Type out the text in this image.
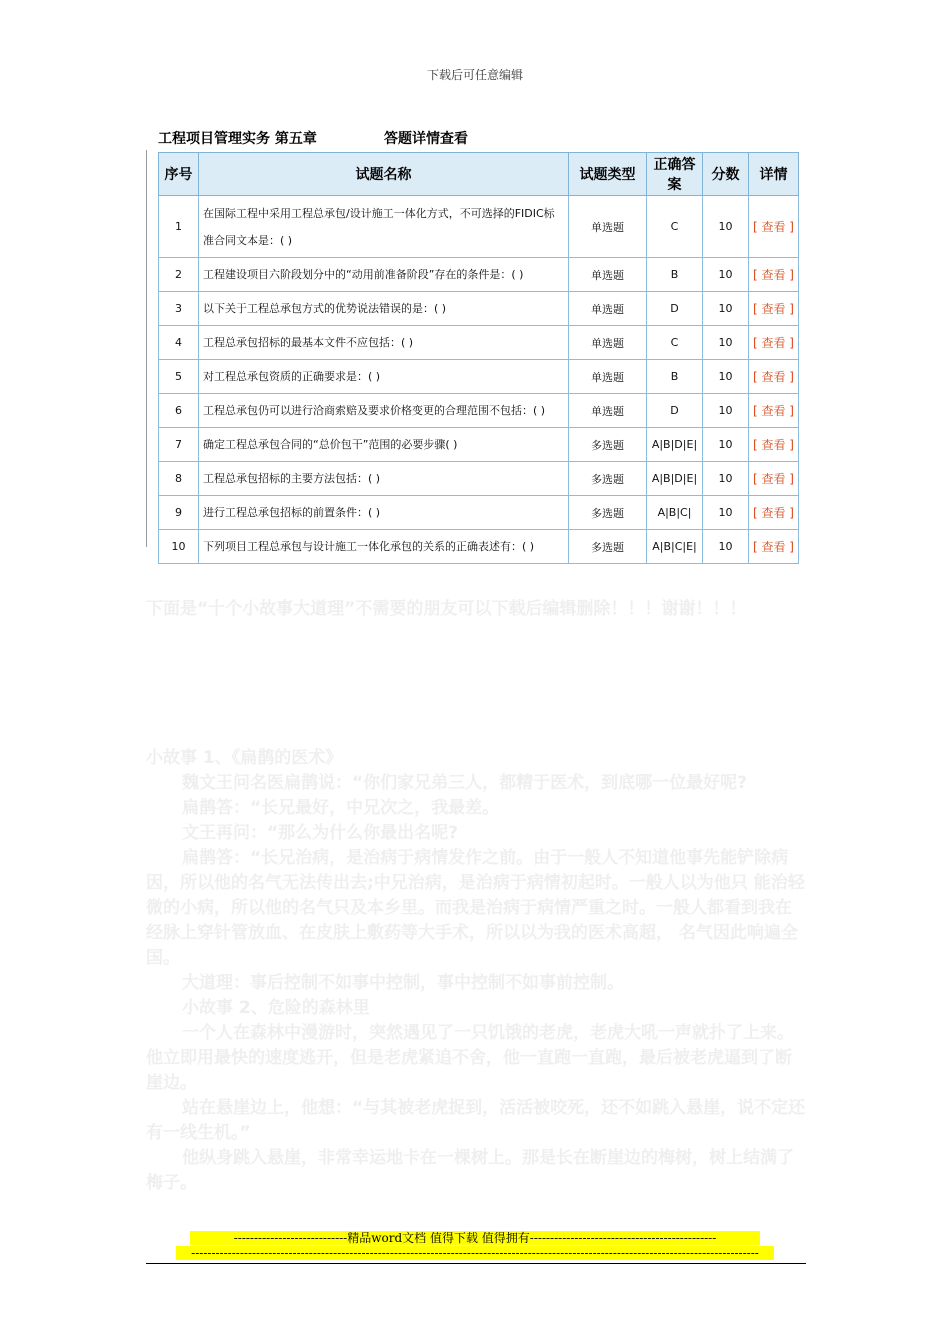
下载后可任意编辑
工程项目管理实务 第五章	答题详情查看
序号	试题名称	试题类型	正确答案	分数	详情
1	在国际工程中采用工程总承包/设计施工一体化方式，不可选择的FIDIC标准合同文本是：( )	单选题	C	10	[ 查看 ]
2	工程建设项目六阶段划分中的“动用前准备阶段”存在的条件是：( )	单选题	B	10	[ 查看 ]
3	以下关于工程总承包方式的优势说法错误的是：( )	单选题	D	10	[ 查看 ]
4	工程总承包招标的最基本文件不应包括：( )	单选题	C	10	[ 查看 ]
5	对工程总承包资质的正确要求是：( )	单选题	B	10	[ 查看 ]
6	工程总承包仍可以进行洽商索赔及要求价格变更的合理范围不包括：( )	单选题	D	10	[ 查看 ]
7	确定工程总承包合同的“总价包干”范围的必要步骤( )	多选题	A|B|D|E|	10	[ 查看 ]
8	工程总承包招标的主要方法包括：( )	多选题	A|B|D|E|	10	[ 查看 ]
9	进行工程总承包招标的前置条件：( )	多选题	A|B|C|	10	[ 查看 ]
10	下列项目工程总承包与设计施工一体化承包的关系的正确表述有：( )	多选题	A|B|C|E|	10	[ 查看 ]

下面是“十个小故事大道理”不需要的朋友可以下载后编辑删除！！！谢谢！！！

小故事 1、《扁鹊的医术》

魏文王问名医扁鹊说：“你们家兄弟三人，都精于医术，到底哪一位最好呢?

扁鹊答：“长兄最好，中兄次之，我最差。

文王再问：“那么为什么你最出名呢?

扁鹊答：“长兄治病，是治病于病情发作之前。由于一般人不知道他事先能铲除病因，所以他的名气无法传出去;中兄治病，是治病于病情初起时。一般人以为他只 能治轻微的小病，所以他的名气只及本乡里。而我是治病于病情严重之时。一般人都看到我在经脉上穿针管放血、在皮肤上敷药等大手术，所以以为我的医术高超， 名气因此响遍全国。

大道理：事后控制不如事中控制，事中控制不如事前控制。

小故事 2、危险的森林里

一个人在森林中漫游时，突然遇见了一只饥饿的老虎，老虎大吼一声就扑了上来。他立即用最快的速度逃开，但是老虎紧追不舍，他一直跑一直跑，最后被老虎逼到了断崖边。

站在悬崖边上，他想：“与其被老虎捉到，活活被咬死，还不如跳入悬崖，说不定还有一线生机。”

他纵身跳入悬崖，非常幸运地卡在一棵树上。那是长在断崖边的梅树，树上结满了梅子。

----------------------------精品word文档 值得下载 值得拥有----------------------------------------------
--------------------------------------------------------------------------------------------------------------------------------------------
